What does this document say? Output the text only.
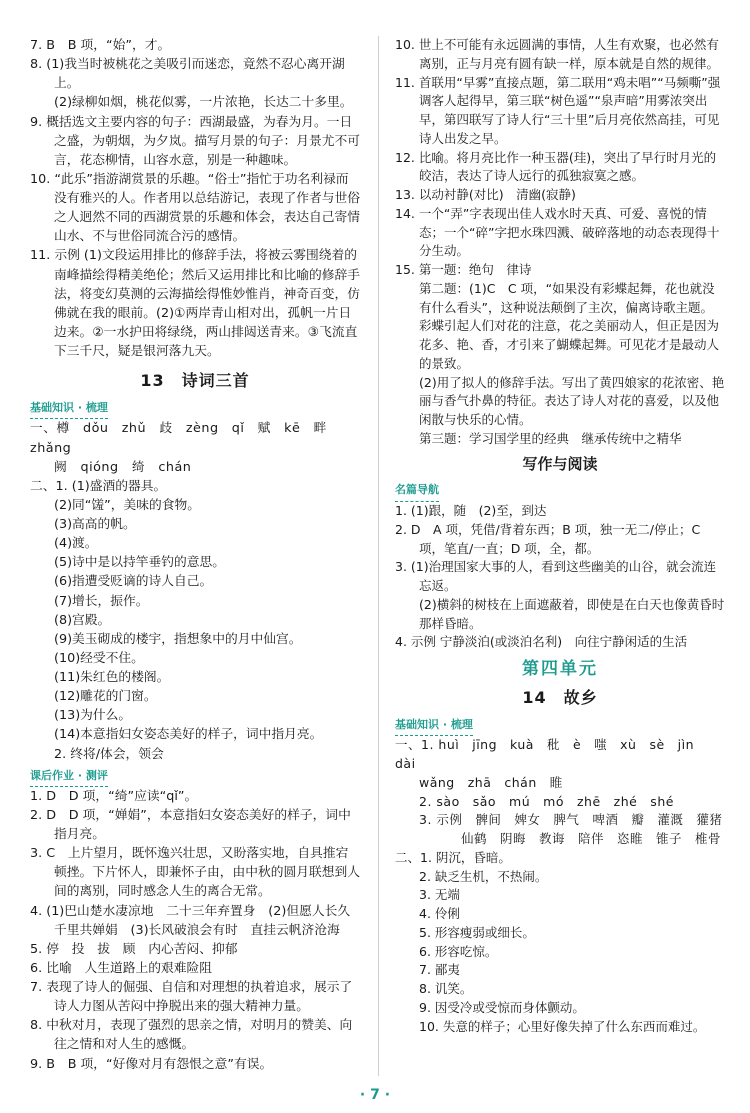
7. B　B 项，“始”，才。
8. (1)我当时被桃花之美吸引而迷恋，竟然不忍心离开湖上。
(2)绿柳如烟，桃花似雾，一片浓艳，长达二十多里。
9. 概括选文主要内容的句子：西湖最盛，为春为月。一日之盛，为朝烟，为夕岚。描写月景的句子：月景尤不可言，花态柳情，山容水意，别是一种趣味。
10. “此乐”指游湖赏景的乐趣。“俗士”指忙于功名利禄而没有雅兴的人。作者用以总结游记，表现了作者与世俗之人迥然不同的西湖赏景的乐趣和体会，表达自己寄情山水、不与世俗同流合污的感情。
11. 示例 (1)文段运用排比的修辞手法，将被云雾围绕着的南峰描绘得精美绝伦；然后又运用排比和比喻的修辞手法，将变幻莫测的云海描绘得惟妙惟肖，神奇百变，仿佛就在我的眼前。(2)①两岸青山相对出，孤帆一片日边来。②一水护田将绿绕，两山排闼送青来。③飞流直下三千尺，疑是银河落九天。
13　诗词三首
基础知识 · 梳理
一、樽　dǒu　zhǔ　歧　zèng　qǐ　赋　kē　畔　zhǎng
阙　qióng　绮　chán
二、1. (1)盛酒的器具。
(2)同“馐”，美味的食物。
(3)高高的帆。
(4)渡。
(5)诗中是以持竿垂钓的意思。
(6)指遭受贬谪的诗人自己。
(7)增长，振作。
(8)宫殿。
(9)美玉砌成的楼宇，指想象中的月中仙宫。
(10)经受不住。
(11)朱红色的楼阁。
(12)雕花的门窗。
(13)为什么。
(14)本意指妇女姿态美好的样子，词中指月亮。
2. 终将/体会，领会
课后作业 · 测评
1. D　D 项，“绮”应读“qǐ”。
2. D　D 项，“婵娟”，本意指妇女姿态美好的样子，词中指月亮。
3. C　上片望月，既怀逸兴壮思，又盼落实地，自具推宕顿挫。下片怀人，即兼怀子由，由中秋的圆月联想到人间的离别，同时感念人生的离合无常。
4. (1)巴山楚水凄凉地　二十三年弃置身　(2)但愿人长久　千里共婵娟　(3)长风破浪会有时　直挂云帆济沧海
5. 停　投　拔　顾　内心苦闷、抑郁
6. 比喻　人生道路上的艰难险阻
7. 表现了诗人的倔强、自信和对理想的执着追求，展示了诗人力图从苦闷中挣脱出来的强大精神力量。
8. 中秋对月，表现了强烈的思亲之情，对明月的赞美、向往之情和对人生的感慨。
9. B　B 项，“好像对月有怨恨之意”有误。
10. 世上不可能有永远圆满的事情，人生有欢聚，也必然有离别，正与月亮有圆有缺一样，原本就是自然的规律。
11. 首联用“早雾”直接点题，第二联用“鸡未唱”“马频嘶”强调客人起得早，第三联“树色遥”“泉声暗”用雾浓突出早，第四联写了诗人行“三十里”后月亮依然高挂，可见诗人出发之早。
12. 比喻。将月亮比作一种玉器(珪)，突出了早行时月光的皎洁，表达了诗人远行的孤独寂寞之感。
13. 以动衬静(对比)　清幽(寂静)
14. 一个“弄”字表现出佳人戏水时天真、可爱、喜悦的情态；一个“碎”字把水珠四溅、破碎落地的动态表现得十分生动。
15. 第一题：绝句　律诗
第二题：(1)C　C 项，“如果没有彩蝶起舞，花也就没有什么看头”，这种说法颠倒了主次，偏离诗歌主题。彩蝶引起人们对花的注意，花之美丽动人，但正是因为花多、艳、香，才引来了蝴蝶起舞。可见花才是最动人的景致。
(2)用了拟人的修辞手法。写出了黄四娘家的花浓密、艳丽与香气扑鼻的特征。表达了诗人对花的喜爱，以及他闲散与快乐的心情。
第三题：学习国学里的经典　继承传统中之精华
写作与阅读
名篇导航
1. (1)跟，随　(2)至，到达
2. D　A 项，凭借/背着东西；B 项，独一无二/停止；C 项，笔直/一直；D 项，全，都。
3. (1)治理国家大事的人，看到这些幽美的山谷，就会流连忘返。
(2)横斜的树枝在上面遮蔽着，即使是在白天也像黄昏时那样昏暗。
4. 示例 宁静淡泊(或淡泊名利)　向往宁静闲适的生活
第四单元
14　故乡
基础知识 · 梳理
一、1. huì　jīng　kuà　秕　è　嗤　xù　sè　jìn　dài
wǎng　zhā　chán　睢
2. sào　sǎo　mú　mó　zhē　zhé　shé
3. 示例　髀间　婢女　脾气　啤酒　瓣　灌溉　獾猪
仙鹤　阴晦　教诲　陪伴　恣睢　锥子　椎骨
二、1. 阴沉，昏暗。
2. 缺乏生机，不热闹。
3. 无端
4. 伶俐
5. 形容瘦弱或细长。
6. 形容吃惊。
7. 鄙夷
8. 讥笑。
9. 因受冷或受惊而身体颤动。
10. 失意的样子；心里好像失掉了什么东西而难过。
· 7 ·
